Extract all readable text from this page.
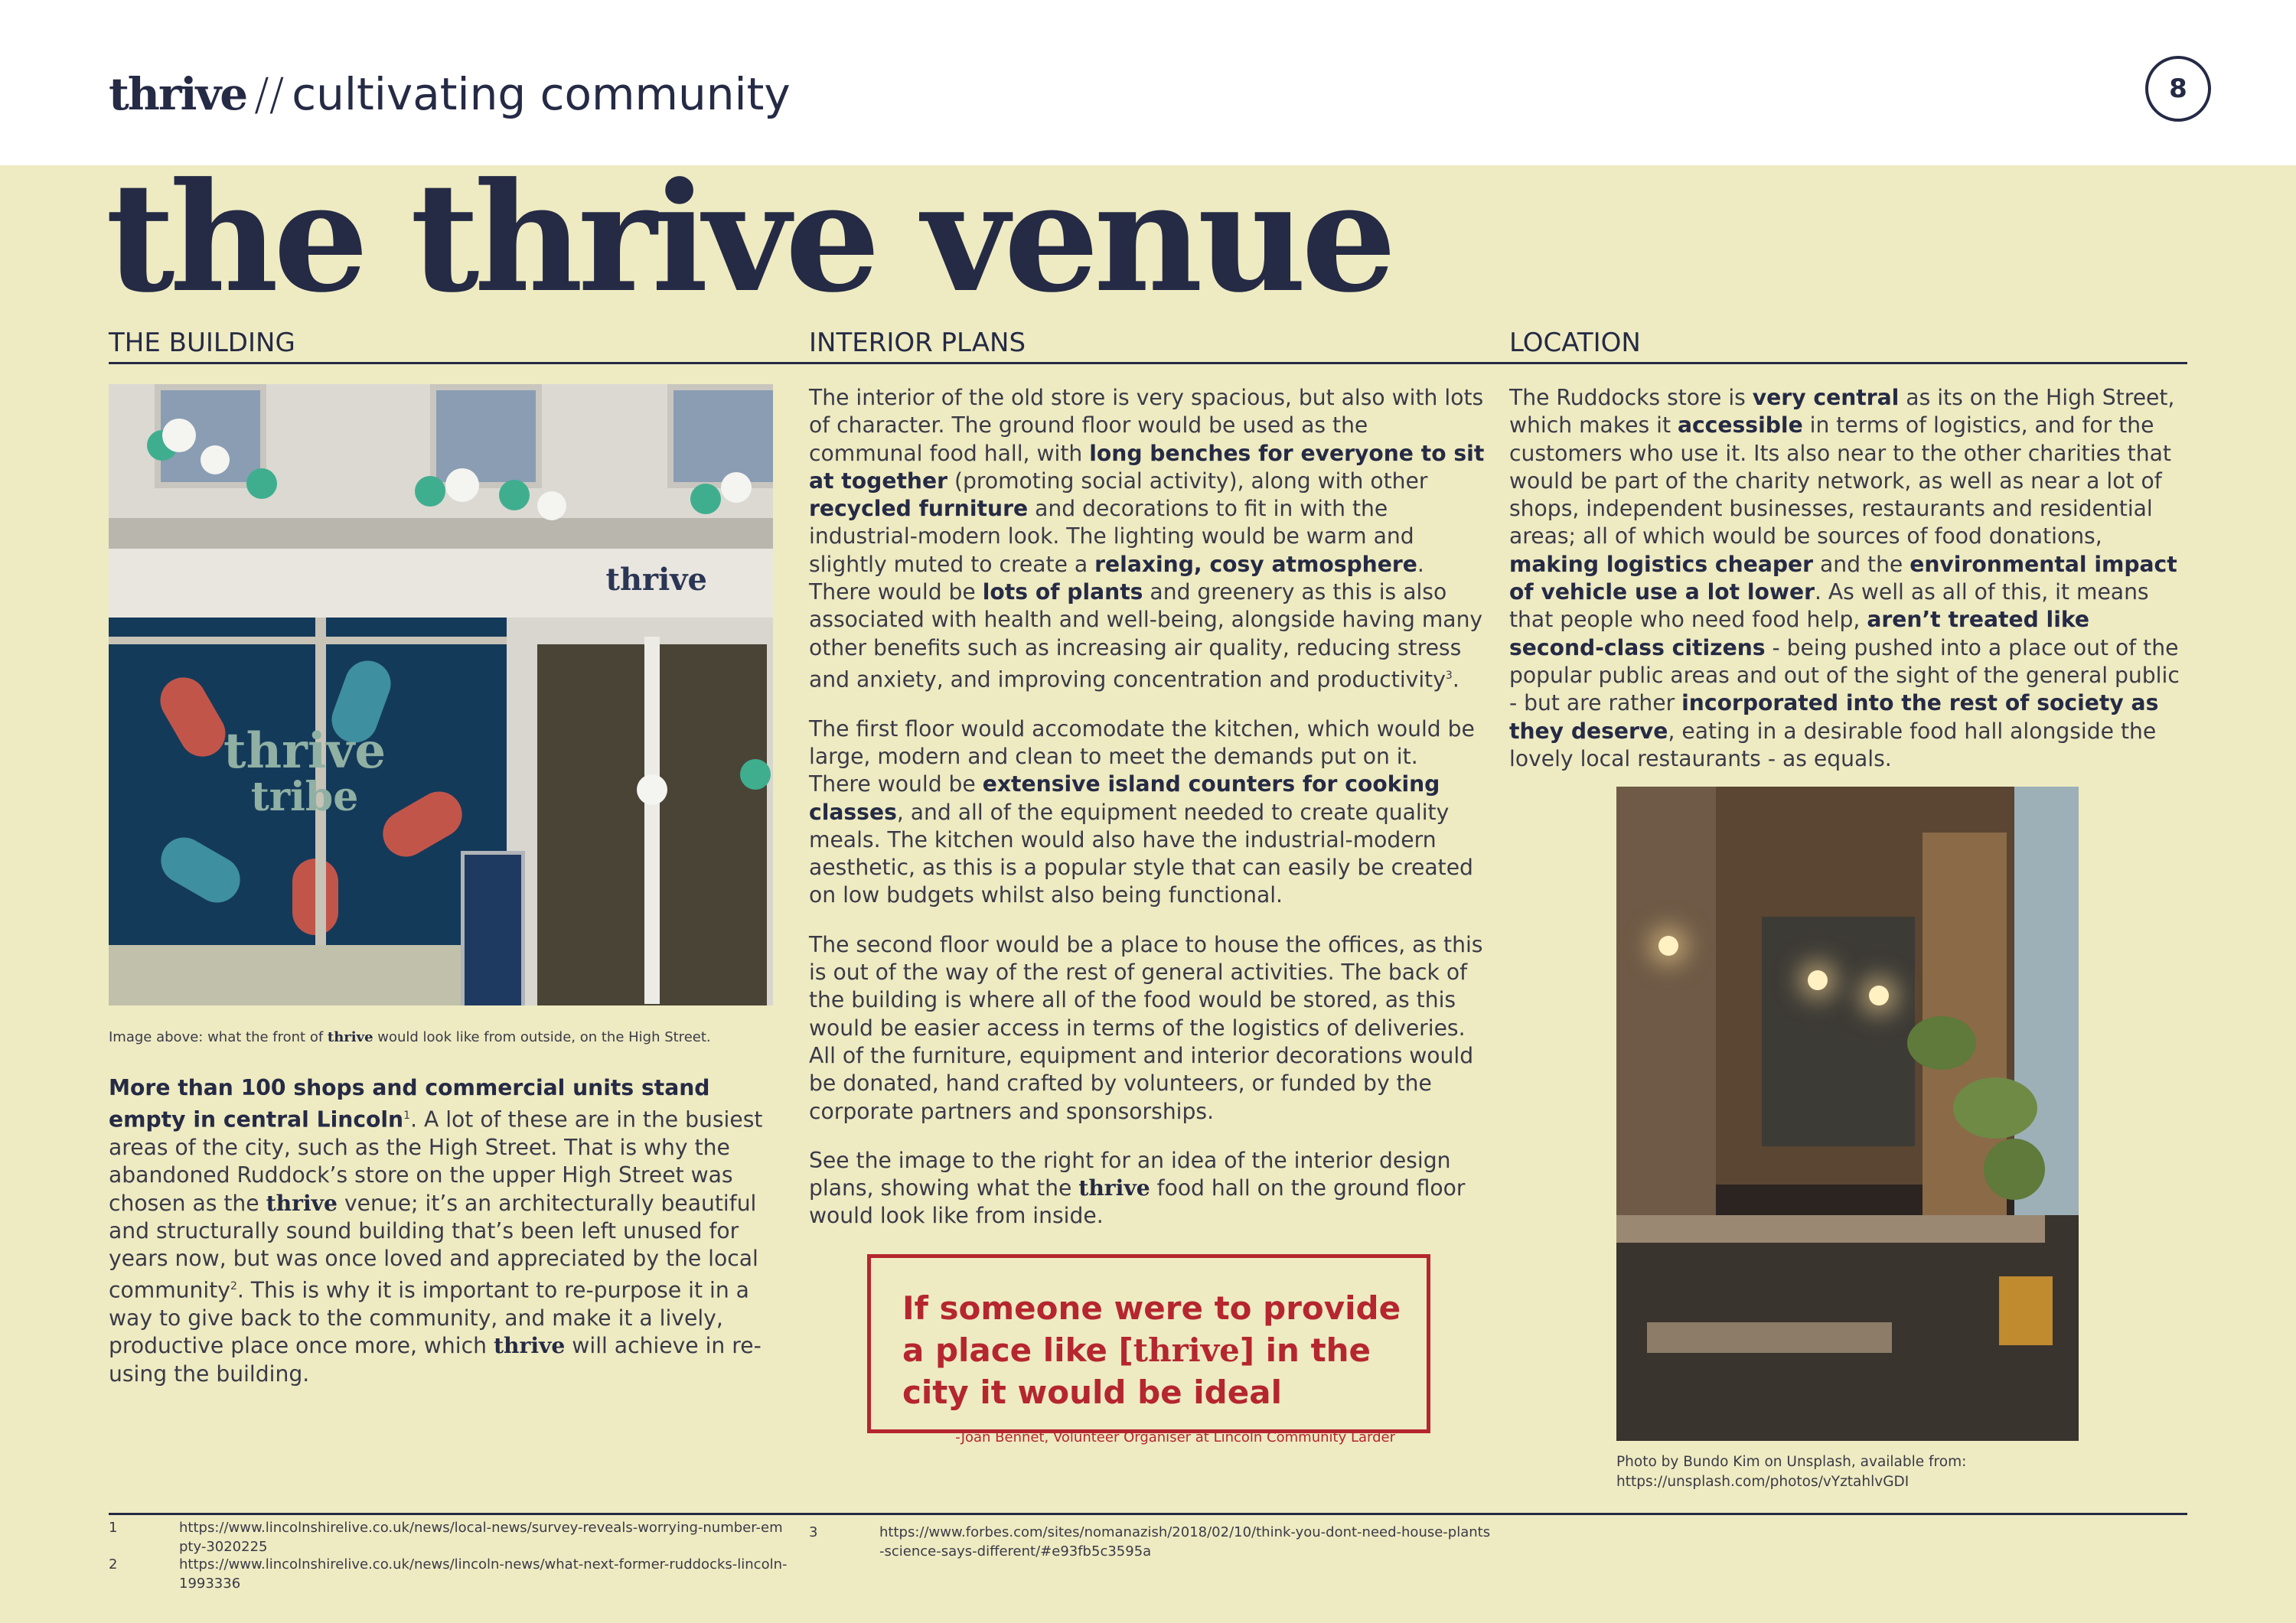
thrive // cultivating community	8
the thrive venue
THE BUILDING
thrive
thrive
tribe
Image above: what the front of thrive would look like from outside, on the High Street.

More than 100 shops and commercial units stand empty in central Lincoln$^1$. A lot of these are in the busiest areas of the city, such as the High Street. That is why the abandoned Ruddock’s store on the upper High Street was chosen as the thrive venue; it’s an architecturally beautiful and structurally sound building that’s been left unused for years now, but was once loved and appreciated by the local community$^2$. This is why it is important to re-purpose it in a way to give back to the community, and make it a lively, productive place once more, which thrive will achieve in re-using the building.

INTERIOR PLANS

The interior of the old store is very spacious, but also with lots of character. The ground floor would be used as the communal food hall, with long benches for everyone to sit at together (promoting social activity), along with other recycled furniture and decorations to fit in with the industrial-modern look. The lighting would be warm and slightly muted to create a relaxing, cosy atmosphere. There would be lots of plants and greenery as this is also associated with health and well-being, alongside having many other benefits such as increasing air quality, reducing stress and anxiety, and improving concentration and productivity$^3$.

The first floor would accomodate the kitchen, which would be large, modern and clean to meet the demands put on it. There would be extensive island counters for cooking classes, and all of the equipment needed to create quality meals. The kitchen would also have the industrial-modern aesthetic, as this is a popular style that can easily be created on low budgets whilst also being functional.

The second floor would be a place to house the offices, as this is out of the way of the rest of general activities. The back of the building is where all of the food would be stored, as this would be easier access in terms of the logistics of deliveries. All of the furniture, equipment and interior decorations would be donated, hand crafted by volunteers, or funded by the corporate partners and sponsorships.

See the image to the right for an idea of the interior design plans, showing what the thrive food hall on the ground floor would look like from inside.

If someone were to provide a place like [thrive] in the city it would be ideal
-Joan Bennet, Volunteer Organiser at Lincoln Community Larder
LOCATION

The Ruddocks store is very central as its on the High Street, which makes it accessible in terms of logistics, and for the customers who use it. Its also near to the other charities that would be part of the charity network, as well as near a lot of shops, independent businesses, restaurants and residential areas; all of which would be sources of food donations, making logistics cheaper and the environmental impact of vehicle use a lot lower. As well as all of this, it means that people who need food help, aren’t treated like second-class citizens - being pushed into a place out of the popular public areas and out of the sight of the general public - but are rather incorporated into the rest of society as they deserve, eating in a desirable food hall alongside the lovely local restaurants - as equals.

Photo by Bundo Kim on Unsplash, available from: https://unsplash.com/photos/vYztahlvGDI
1	https://www.lincolnshirelive.co.uk/news/local-news/survey-reveals-worrying-number-empty-3020225
2	https://www.lincolnshirelive.co.uk/news/lincoln-news/what-next-former-ruddocks-lincoln-1993336
3	https://www.forbes.com/sites/nomanazish/2018/02/10/think-you-dont-need-house-plants-science-says-different/#e93fb5c3595a
